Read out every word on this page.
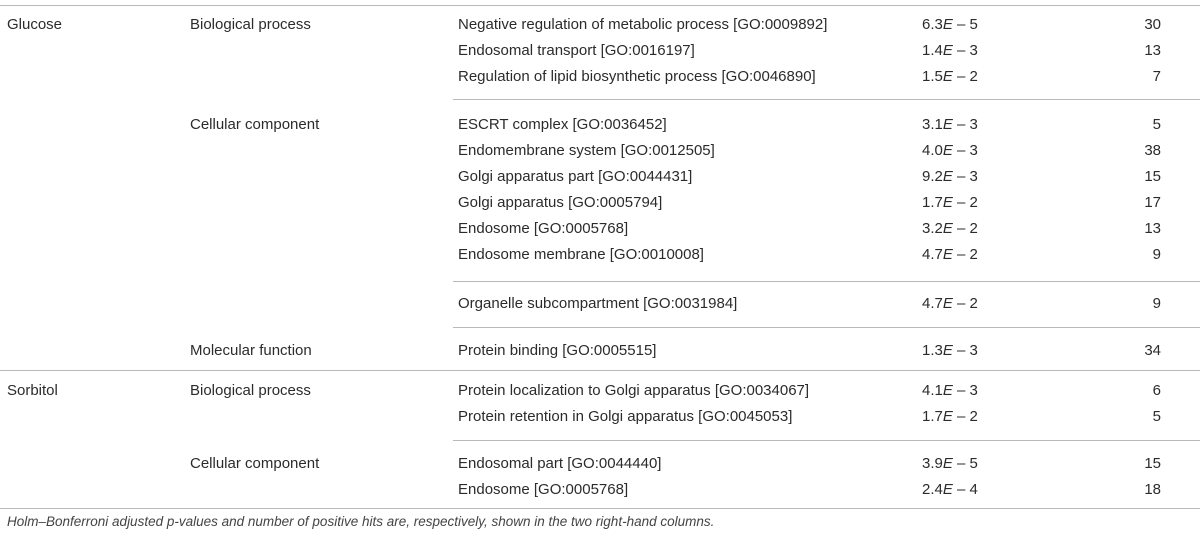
Glucose	Biological process	Negative regulation of metabolic process [GO:0009892]	6.3E – 5	30
Endosomal transport [GO:0016197]	1.4E – 3	13
Regulation of lipid biosynthetic process [GO:0046890]	1.5E – 2	7
Cellular component	ESCRT complex [GO:0036452]	3.1E – 3	5
Endomembrane system [GO:0012505]	4.0E – 3	38
Golgi apparatus part [GO:0044431]	9.2E – 3	15
Golgi apparatus [GO:0005794]	1.7E – 2	17
Endosome [GO:0005768]	3.2E – 2	13
Endosome membrane [GO:0010008]	4.7E – 2	9
Organelle subcompartment [GO:0031984]	4.7E – 2	9
Molecular function	Protein binding [GO:0005515]	1.3E – 3	34
Sorbitol	Biological process	Protein localization to Golgi apparatus [GO:0034067]	4.1E – 3	6
Protein retention in Golgi apparatus [GO:0045053]	1.7E – 2	5
Cellular component	Endosomal part [GO:0044440]	3.9E – 5	15
Endosome [GO:0005768]	2.4E – 4	18
Holm–Bonferroni adjusted p-values and number of positive hits are, respectively, shown in the two right-hand columns.
